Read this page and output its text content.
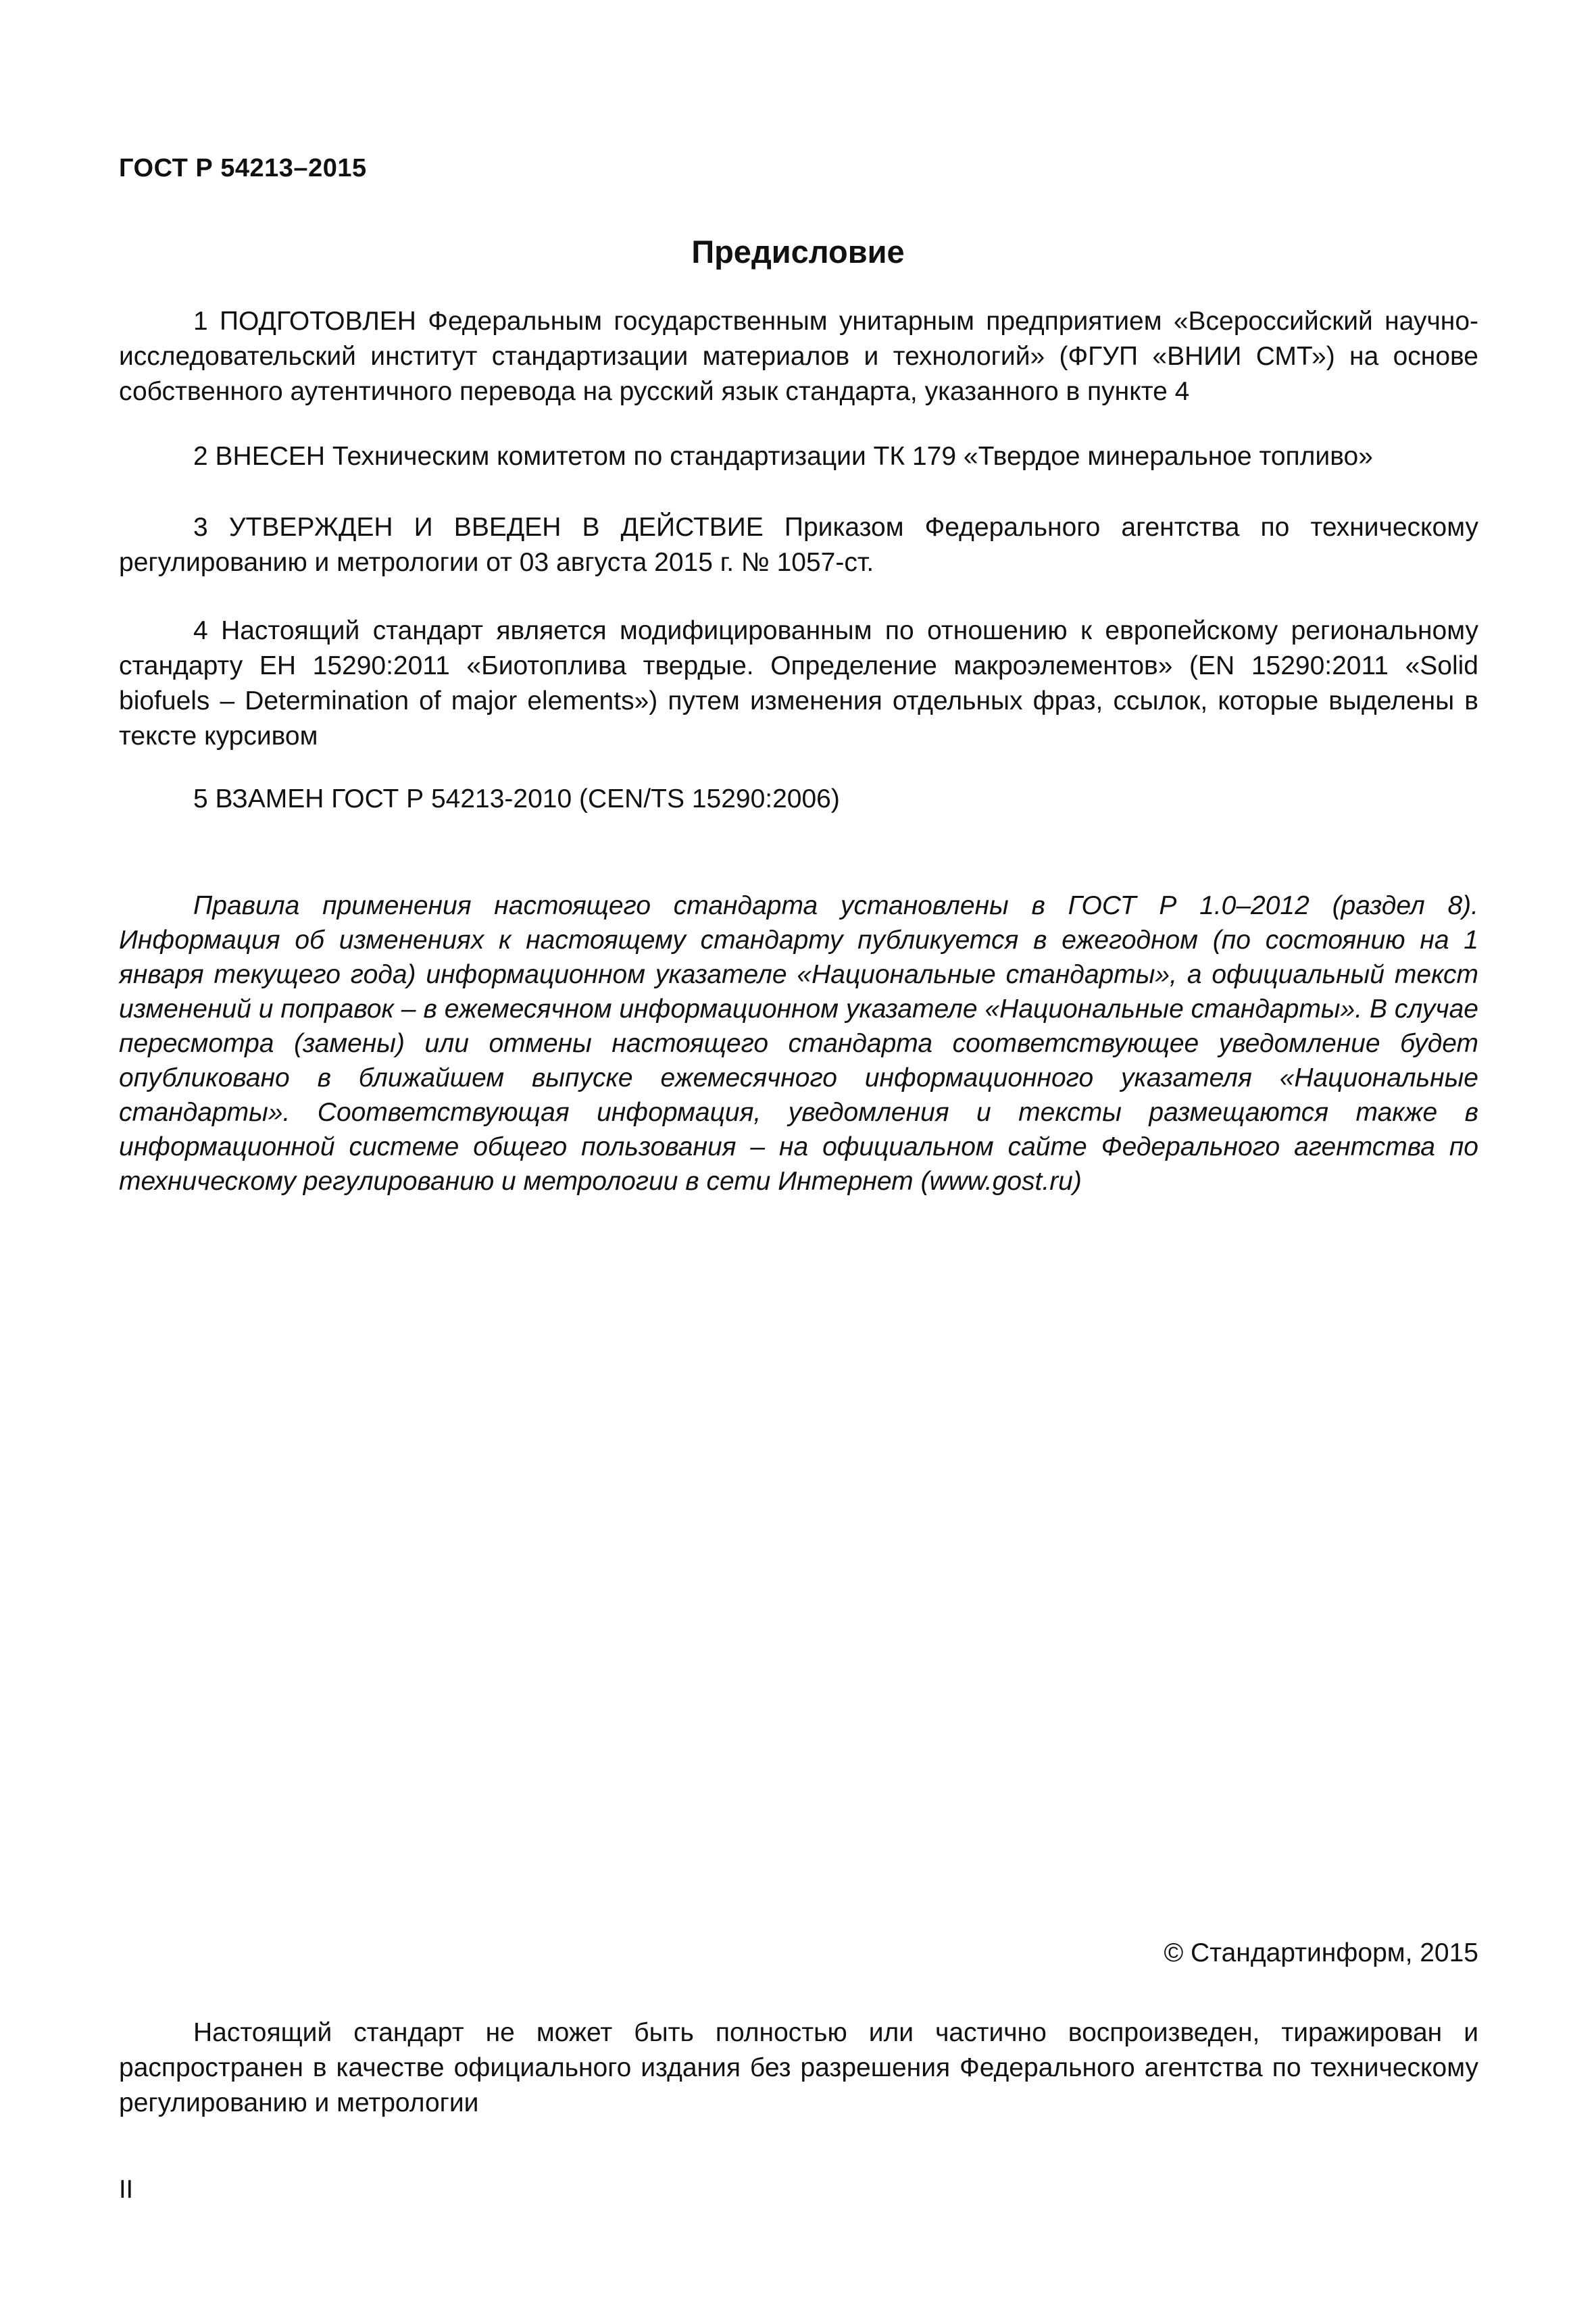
ГОСТ Р 54213–2015
Предисловие

1 ПОДГОТОВЛЕН Федеральным государственным унитарным предприятием «Всероссийский научно-исследовательский институт стандартизации материалов и технологий» (ФГУП «ВНИИ СМТ») на основе собственного аутентичного перевода на русский язык стандарта, указанного в пункте 4

2 ВНЕСЕН Техническим комитетом по стандартизации ТК 179 «Твердое минеральное топливо»

3 УТВЕРЖДЕН И ВВЕДЕН В ДЕЙСТВИЕ Приказом Федерального агентства по техническому регулированию и метрологии от 03 августа 2015 г. № 1057-ст.

4 Настоящий стандарт является модифицированным по отношению к европейскому региональному стандарту ЕН 15290:2011 «Биотоплива твердые. Определение макроэлементов» (EN 15290:2011 «Solid biofuels – Determination of major elements») путем изменения отдельных фраз, ссылок, которые выделены в тексте курсивом

5 ВЗАМЕН ГОСТ Р 54213-2010 (CEN/TS 15290:2006)

Правила применения настоящего стандарта установлены в ГОСТ Р 1.0–2012 (раздел 8). Информация об изменениях к настоящему стандарту публикуется в ежегодном (по состоянию на 1 января текущего года) информационном указателе «Национальные стандарты», а официальный текст изменений и поправок – в ежемесячном информационном указателе «Национальные стандарты». В случае пересмотра (замены) или отмены настоящего стандарта соответствующее уведомление будет опубликовано в ближайшем выпуске ежемесячного информационного указателя «Национальные стандарты». Соответствующая информация, уведомления и тексты размещаются также в информационной системе общего пользования – на официальном сайте Федерального агентства по техническому регулированию и метрологии в сети Интернет (www.gost.ru)

© Стандартинформ, 2015

Настоящий стандарт не может быть полностью или частично воспроизведен, тиражирован и распространен в качестве официального издания без разрешения Федерального агентства по техническому регулированию и метрологии

II
